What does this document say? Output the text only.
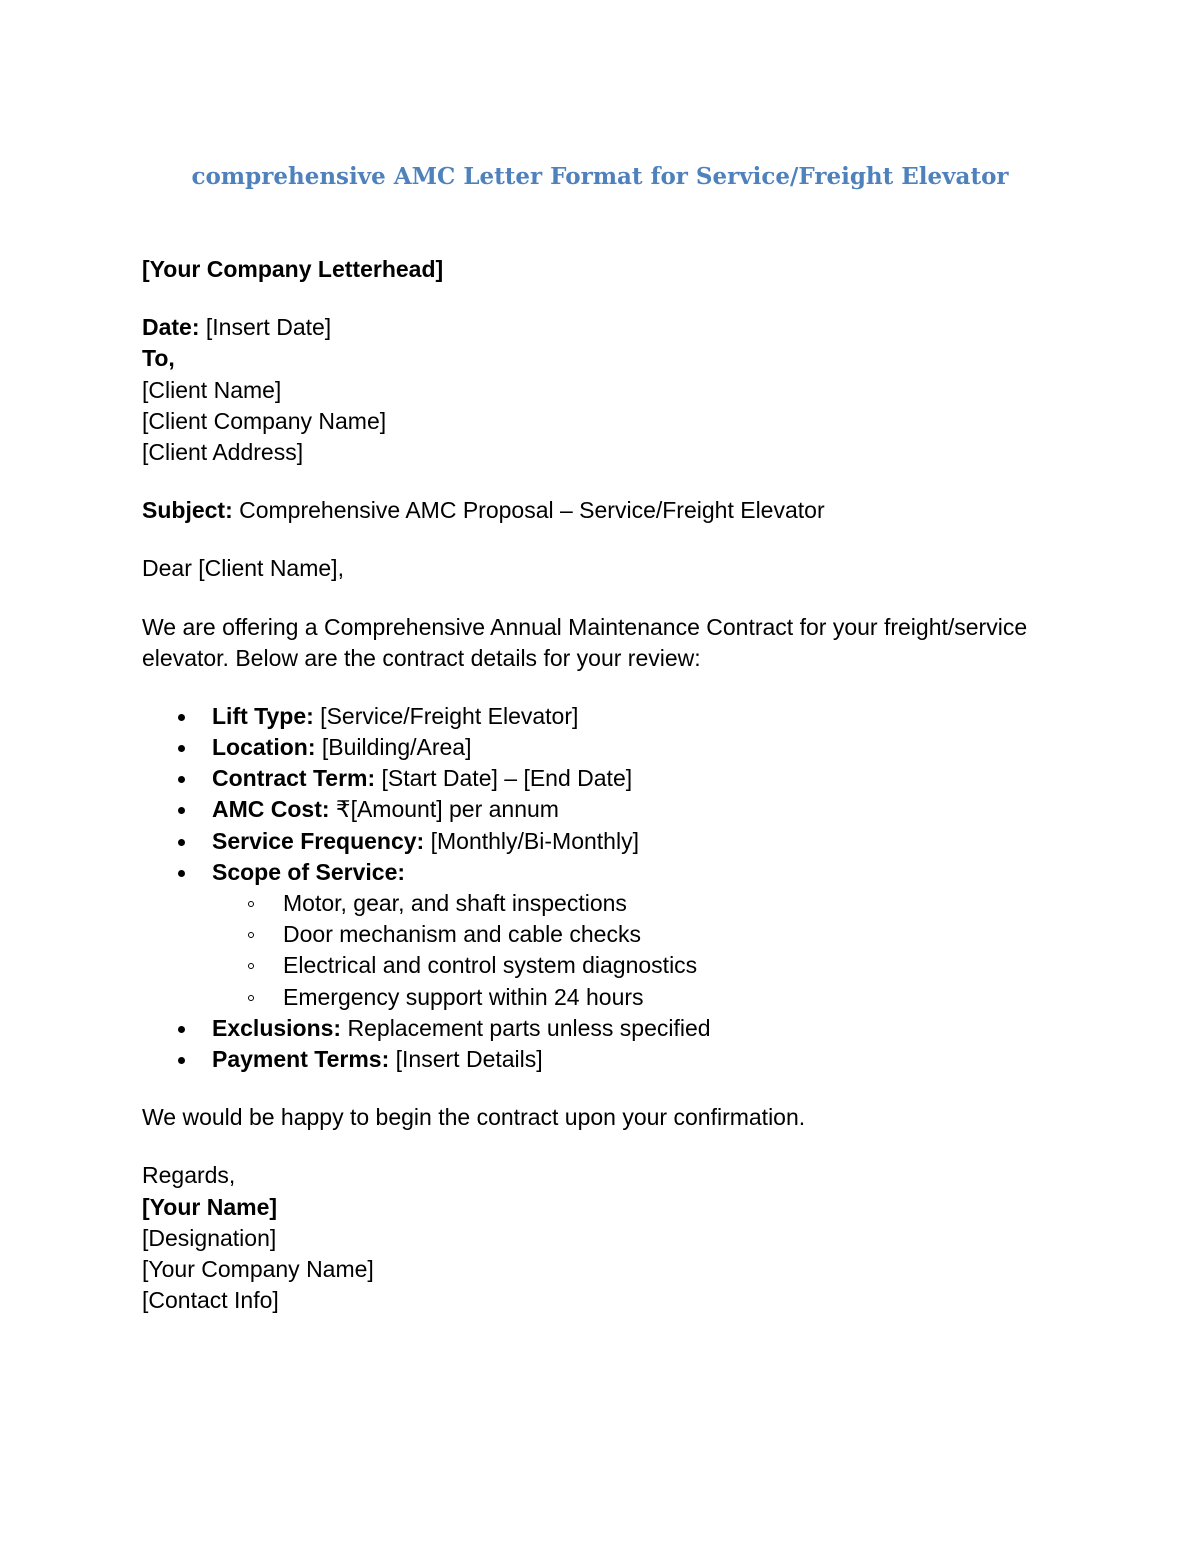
comprehensive AMC Letter Format for Service/Freight Elevator
[Your Company Letterhead]
Date: [Insert Date]
To,
[Client Name]
[Client Company Name]
[Client Address]
Subject: Comprehensive AMC Proposal – Service/Freight Elevator
Dear [Client Name],
We are offering a Comprehensive Annual Maintenance Contract for your freight/service
elevator. Below are the contract details for your review:
Lift Type: [Service/Freight Elevator]
Location: [Building/Area]
Contract Term: [Start Date] – [End Date]
AMC Cost: ₹[Amount] per annum
Service Frequency: [Monthly/Bi-Monthly]
Scope of Service:
Motor, gear, and shaft inspections
Door mechanism and cable checks
Electrical and control system diagnostics
Emergency support within 24 hours
Exclusions: Replacement parts unless specified
Payment Terms: [Insert Details]
We would be happy to begin the contract upon your confirmation.
Regards,
[Your Name]
[Designation]
[Your Company Name]
[Contact Info]
